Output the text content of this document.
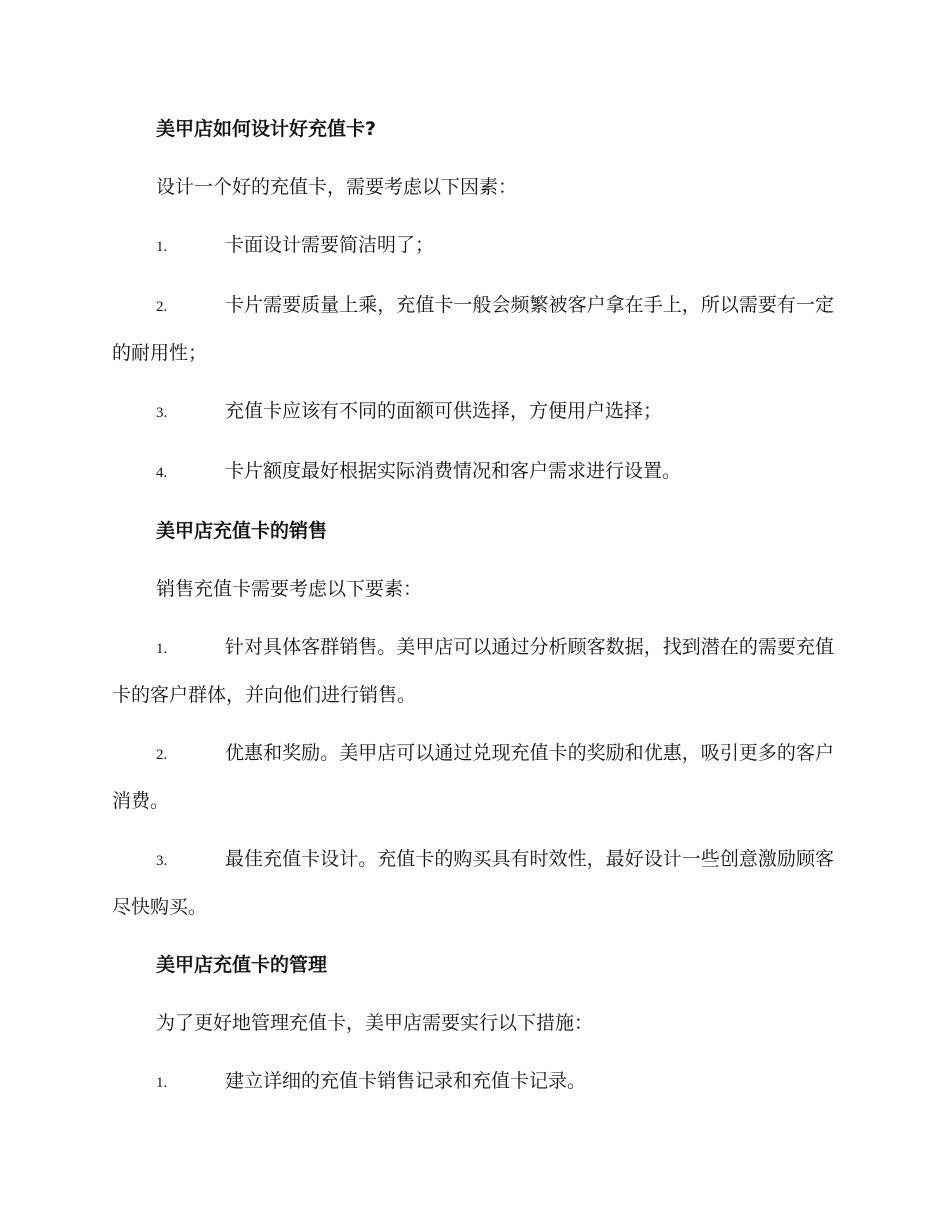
美甲店如何设计好充值卡?
设计一个好的充值卡，需要考虑以下因素：
1.	卡面设计需要简洁明了；
2.	卡片需要质量上乘，充值卡一般会频繁被客户拿在手上，所以需要有一定的耐用性；
3.	充值卡应该有不同的面额可供选择，方便用户选择；
4.	卡片额度最好根据实际消费情况和客户需求进行设置。
美甲店充值卡的销售
销售充值卡需要考虑以下要素：
1.	针对具体客群销售。美甲店可以通过分析顾客数据，找到潜在的需要充值卡的客户群体，并向他们进行销售。
2.	优惠和奖励。美甲店可以通过兑现充值卡的奖励和优惠，吸引更多的客户消费。
3.	最佳充值卡设计。充值卡的购买具有时效性，最好设计一些创意激励顾客尽快购买。
美甲店充值卡的管理
为了更好地管理充值卡，美甲店需要实行以下措施：
1.	建立详细的充值卡销售记录和充值卡记录。
